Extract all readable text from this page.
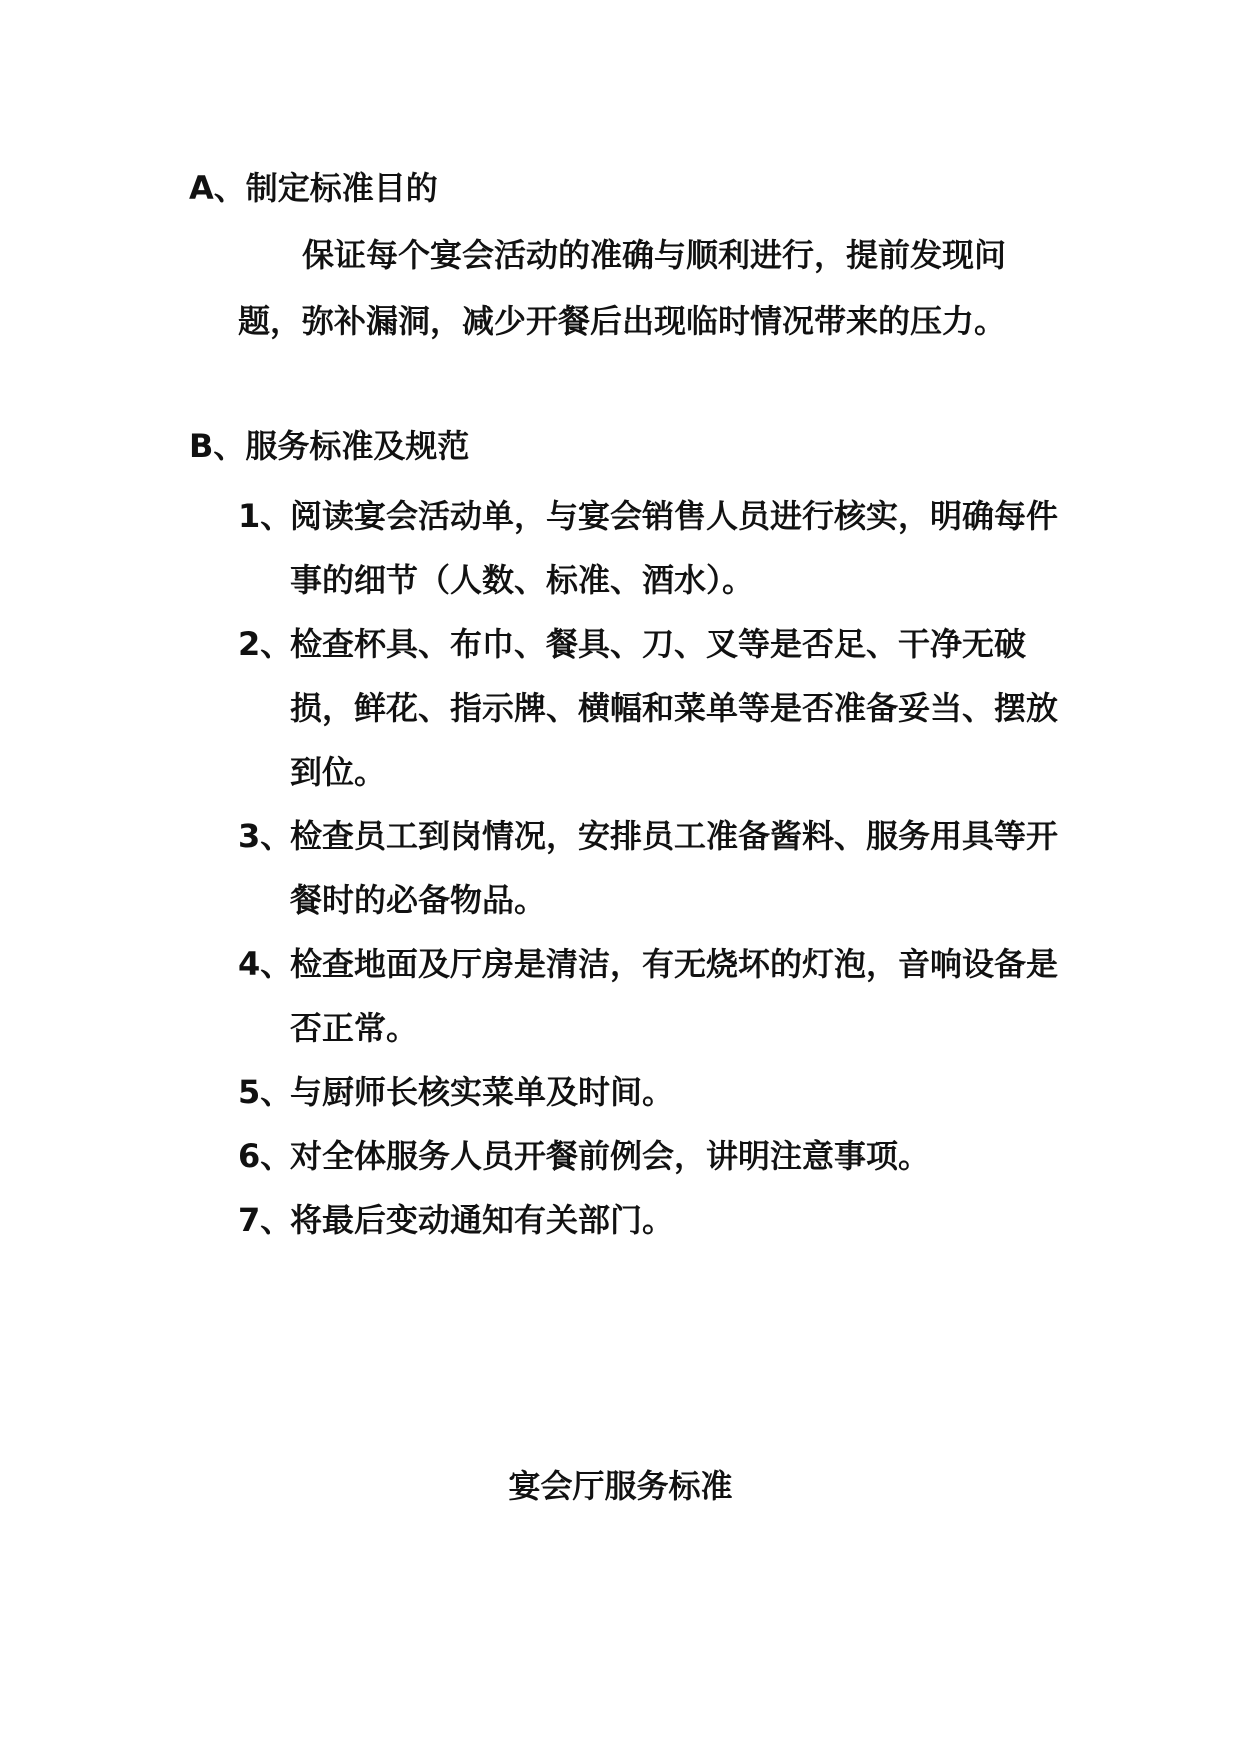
A、制定标准目的
保证每个宴会活动的准确与顺利进行，提前发现问题，弥补漏洞，减少开餐后出现临时情况带来的压力。
B、服务标准及规范
1、
阅读宴会活动单，与宴会销售人员进行核实，明确每件事的细节（人数、标准、酒水）。
2、
检查杯具、布巾、餐具、刀、叉等是否足、干净无破损，鲜花、指示牌、横幅和菜单等是否准备妥当、摆放到位。
3、
检查员工到岗情况，安排员工准备酱料、服务用具等开餐时的必备物品。
4、
检查地面及厅房是清洁，有无烧坏的灯泡，音响设备是否正常。
5、
与厨师长核实菜单及时间。
6、
对全体服务人员开餐前例会，讲明注意事项。
7、
将最后变动通知有关部门。
宴会厅服务标准
